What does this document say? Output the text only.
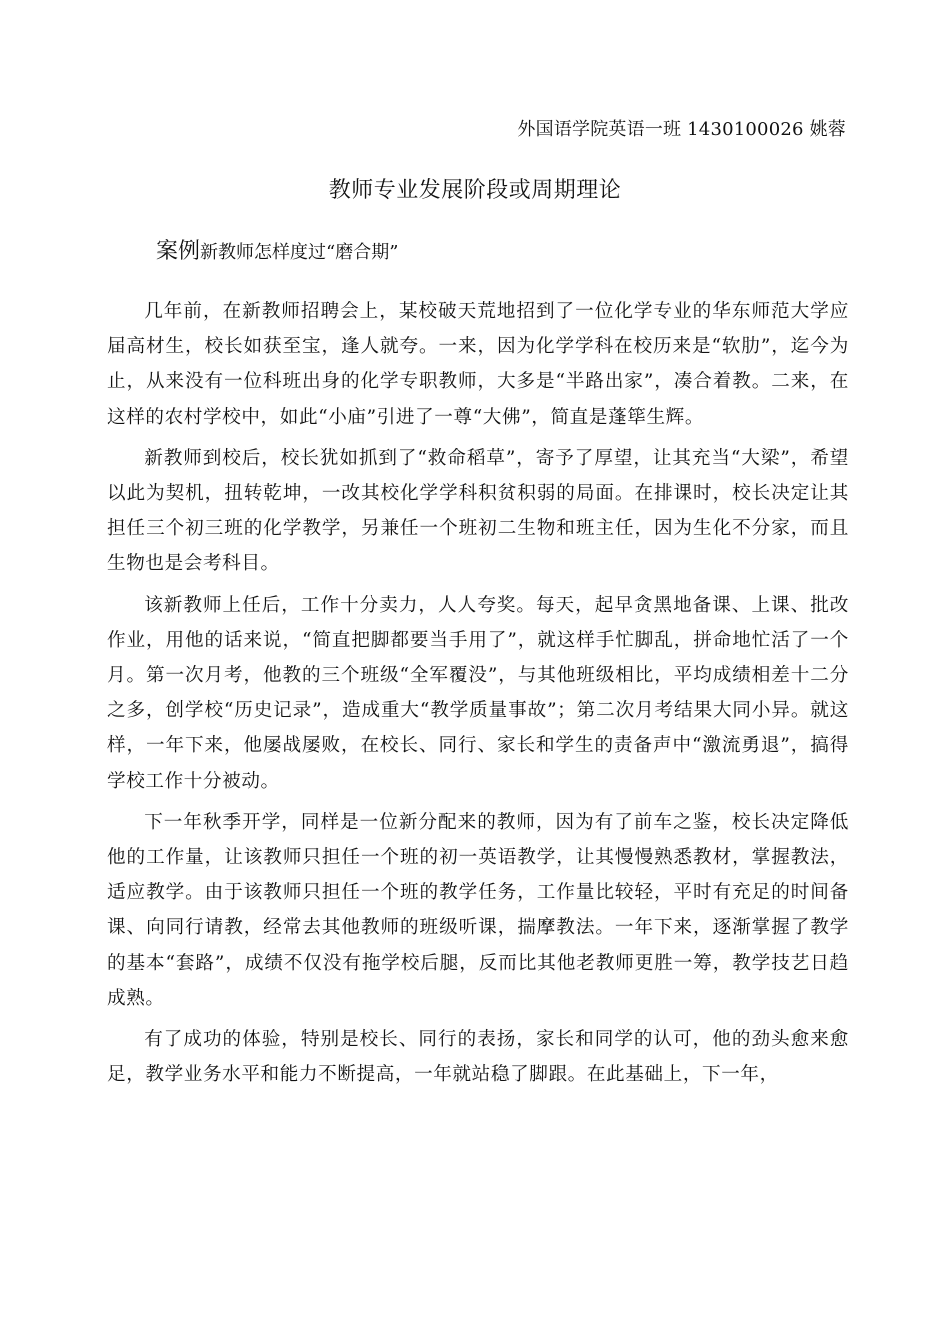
外国语学院英语一班 1430100026 姚蓉
教师专业发展阶段或周期理论
案例新教师怎样度过“磨合期”

几年前，在新教师招聘会上，某校破天荒地招到了一位化学专业的华东师范大学应届高材生，校长如获至宝，逢人就夸。一来，因为化学学科在校历来是“软肋”，迄今为止，从来没有一位科班出身的化学专职教师，大多是“半路出家”，凑合着教。二来，在这样的农村学校中，如此“小庙”引进了一尊“大佛”，简直是蓬筚生辉。

新教师到校后，校长犹如抓到了“救命稻草”，寄予了厚望，让其充当“大梁”，希望以此为契机，扭转乾坤，一改其校化学学科积贫积弱的局面。在排课时，校长决定让其担任三个初三班的化学教学，另兼任一个班初二生物和班主任，因为生化不分家，而且生物也是会考科目。

该新教师上任后，工作十分卖力，人人夸奖。每天，起早贪黑地备课、上课、批改作业，用他的话来说，“简直把脚都要当手用了”，就这样手忙脚乱，拼命地忙活了一个月。第一次月考，他教的三个班级“全军覆没”，与其他班级相比，平均成绩相差十二分之多，创学校“历史记录”，造成重大“教学质量事故”；第二次月考结果大同小异。就这样，一年下来，他屡战屡败，在校长、同行、家长和学生的责备声中“激流勇退”，搞得学校工作十分被动。

下一年秋季开学，同样是一位新分配来的教师，因为有了前车之鉴，校长决定降低他的工作量，让该教师只担任一个班的初一英语教学，让其慢慢熟悉教材，掌握教法，适应教学。由于该教师只担任一个班的教学任务，工作量比较轻，平时有充足的时间备课、向同行请教，经常去其他教师的班级听课，揣摩教法。一年下来，逐渐掌握了教学的基本“套路”，成绩不仅没有拖学校后腿，反而比其他老教师更胜一筹，教学技艺日趋成熟。

有了成功的体验，特别是校长、同行的表扬，家长和同学的认可，他的劲头愈来愈足，教学业务水平和能力不断提高，一年就站稳了脚跟。在此基础上，下一年，
